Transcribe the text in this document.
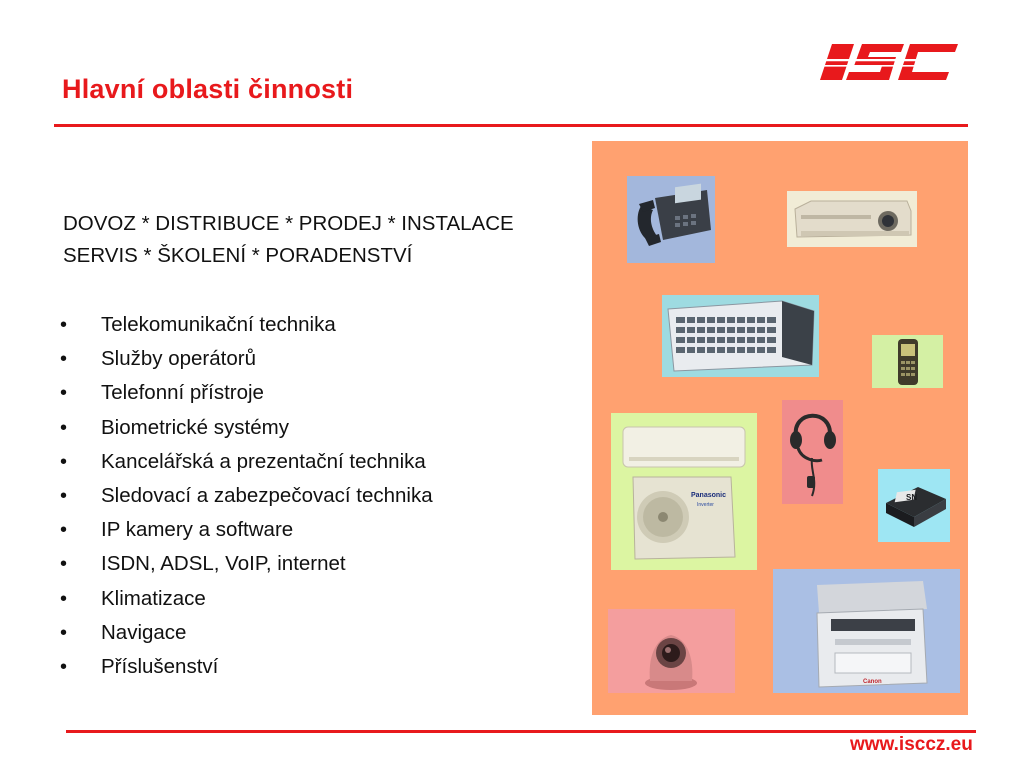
Hlavní oblasti činnosti
ISC
DOVOZ * DISTRIBUCE * PRODEJ * INSTALACE
SERVIS * ŠKOLENÍ * PORADENSTVÍ
• Telekomunikační technika
• Služby operátorů
• Telefonní přístroje
• Biometrické systémy
• Kancelářská a prezentační technika
• Sledovací a zabezpečovací technika
• IP kamery a software
• ISDN, ADSL, VoIP, internet
• Klimatizace
• Navigace
• Příslušenství
Panasonic
Inverter
SN
Canon
www.isccz.eu
